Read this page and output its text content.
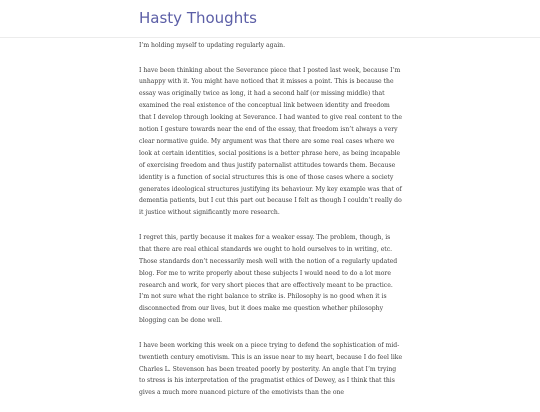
Hasty Thoughts

I’m holding myself to updating regularly again.

I have been thinking about the Severance piece that I posted last week, because I’m unhappy with it. You might have noticed that it misses a point. This is because the essay was originally twice as long, it had a second half (or missing middle) that examined the real existence of the conceptual link between identity and freedom that I develop through looking at Severance. I had wanted to give real content to the notion I gesture towards near the end of the essay, that freedom isn’t always a very clear normative guide. My argument was that there are some real cases where we look at certain identities, social positions is a better phrase here, as being incapable of exercising freedom and thus justify paternalist attitudes towards them. Because identity is a function of social structures this is one of those cases where a society generates ideological structures justifying its behaviour. My key example was that of dementia patients, but I cut this part out because I felt as though I couldn’t really do it justice without significantly more research.

I regret this, partly because it makes for a weaker essay. The problem, though, is that there are real ethical standards we ought to hold ourselves to in writing, etc. Those standards don’t necessarily mesh well with the notion of a regularly updated blog. For me to write properly about these subjects I would need to do a lot more research and work, for very short pieces that are effectively meant to be practice. I’m not sure what the right balance to strike is. Philosophy is no good when it is disconnected from our lives, but it does make me question whether philosophy blogging can be done well.

I have been working this week on a piece trying to defend the sophistication of mid-twentieth century emotivism. This is an issue near to my heart, because I do feel like Charles L. Stevenson has been treated poorly by posterity. An angle that I’m trying to stress is his interpretation of the pragmatist ethics of Dewey, as I think that this gives a much more nuanced picture of the emotivists than the one
